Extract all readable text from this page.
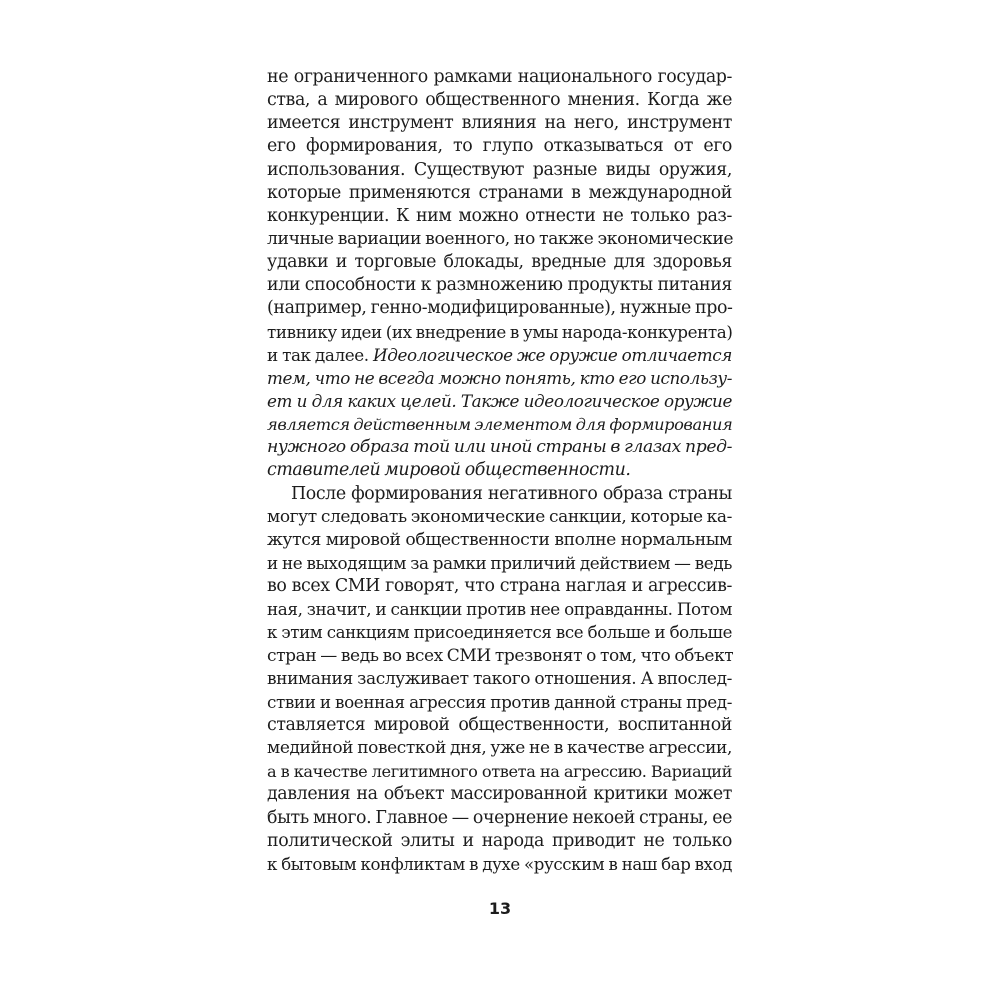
не ограниченного рамками национального государ-
ства, а мирового общественного мнения. Когда же
имеется инструмент влияния на него, инструмент
его формирования, то глупо отказываться от его
использования. Существуют разные виды оружия,
которые применяются странами в международной
конкуренции. К ним можно отнести не только раз-
личные вариации военного, но также экономические
удавки и торговые блокады, вредные для здоровья
или способности к размножению продукты питания
(например, генно-модифицированные), нужные про-
тивнику идеи (их внедрение в умы народа-конкурента)
и так далее. Идеологическое же оружие отличается
тем, что не всегда можно понять, кто его использу-
ет и для каких целей. Также идеологическое оружие
является действенным элементом для формирования
нужного образа той или иной страны в глазах пред-
ставителей мировой общественности.
После формирования негативного образа страны
могут следовать экономические санкции, которые ка-
жутся мировой общественности вполне нормальным
и не выходящим за рамки приличий действием — ведь
во всех СМИ говорят, что страна наглая и агрессив-
ная, значит, и санкции против нее оправданны. Потом
к этим санкциям присоединяется все больше и больше
стран — ведь во всех СМИ трезвонят о том, что объект
внимания заслуживает такого отношения. А впослед-
ствии и военная агрессия против данной страны пред-
ставляется мировой общественности, воспитанной
медийной повесткой дня, уже не в качестве агрессии,
а в качестве легитимного ответа на агрессию. Вариаций
давления на объект массированной критики может
быть много. Главное — очернение некоей страны, ее
политической элиты и народа приводит не только
к бытовым конфликтам в духе «русским в наш бар вход
13
